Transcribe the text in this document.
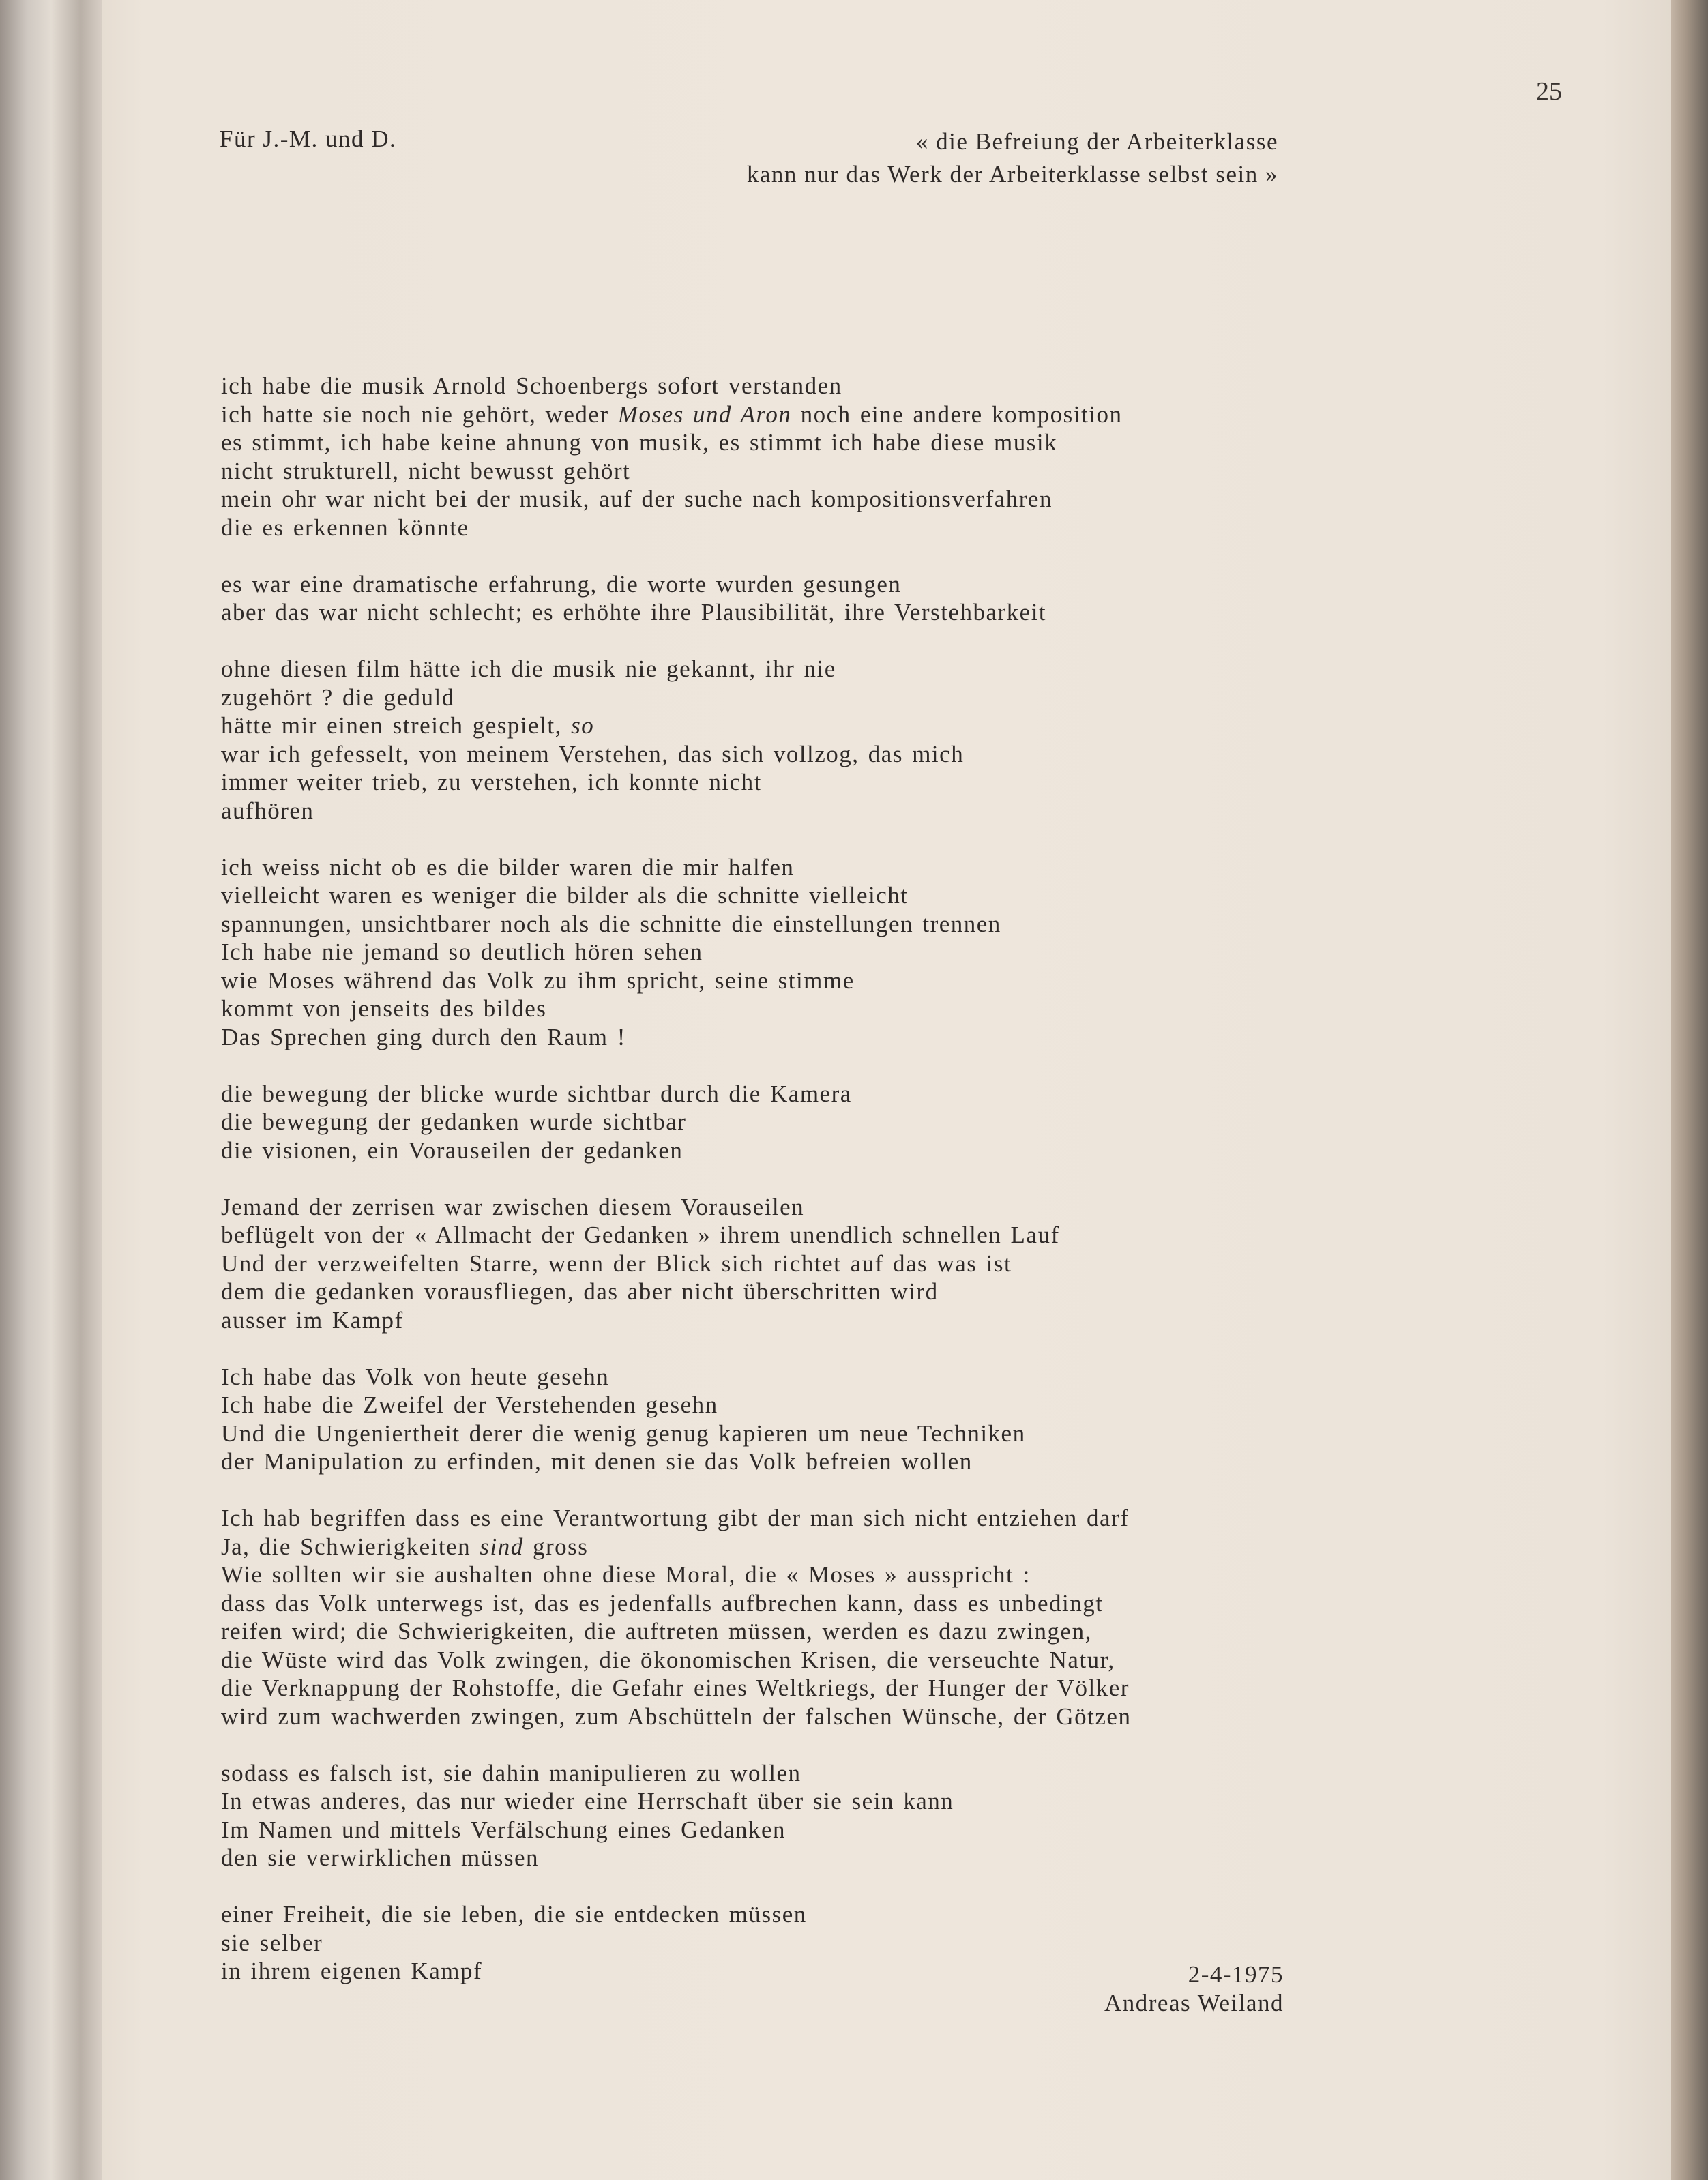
25
Für J.-M. und D.	« die Befreiung der Arbeiterklasse
kann nur das Werk der Arbeiterklasse selbst sein »
ich habe die musik Arnold Schoenbergs sofort verstanden
ich hatte sie noch nie gehört, weder Moses und Aron noch eine andere komposition
es stimmt, ich habe keine ahnung von musik, es stimmt ich habe diese musik
nicht strukturell, nicht bewusst gehört
mein ohr war nicht bei der musik, auf der suche nach kompositionsverfahren
die es erkennen könnte
es war eine dramatische erfahrung, die worte wurden gesungen
aber das war nicht schlecht; es erhöhte ihre Plausibilität, ihre Verstehbarkeit
ohne diesen film hätte ich die musik nie gekannt, ihr nie
zugehört ? die geduld
hätte mir einen streich gespielt, so
war ich gefesselt, von meinem Verstehen, das sich vollzog, das mich
immer weiter trieb, zu verstehen, ich konnte nicht
aufhören
ich weiss nicht ob es die bilder waren die mir halfen
vielleicht waren es weniger die bilder als die schnitte vielleicht
spannungen, unsichtbarer noch als die schnitte die einstellungen trennen
Ich habe nie jemand so deutlich hören sehen
wie Moses während das Volk zu ihm spricht, seine stimme
kommt von jenseits des bildes
Das Sprechen ging durch den Raum !
die bewegung der blicke wurde sichtbar durch die Kamera
die bewegung der gedanken wurde sichtbar
die visionen, ein Vorauseilen der gedanken
Jemand der zerrisen war zwischen diesem Vorauseilen
beflügelt von der « Allmacht der Gedanken » ihrem unendlich schnellen Lauf
Und der verzweifelten Starre, wenn der Blick sich richtet auf das was ist
dem die gedanken vorausfliegen, das aber nicht überschritten wird
ausser im Kampf
Ich habe das Volk von heute gesehn
Ich habe die Zweifel der Verstehenden gesehn
Und die Ungeniertheit derer die wenig genug kapieren um neue Techniken
der Manipulation zu erfinden, mit denen sie das Volk befreien wollen
Ich hab begriffen dass es eine Verantwortung gibt der man sich nicht entziehen darf
Ja, die Schwierigkeiten sind gross
Wie sollten wir sie aushalten ohne diese Moral, die « Moses » ausspricht :
dass das Volk unterwegs ist, das es jedenfalls aufbrechen kann, dass es unbedingt
reifen wird; die Schwierigkeiten, die auftreten müssen, werden es dazu zwingen,
die Wüste wird das Volk zwingen, die ökonomischen Krisen, die verseuchte Natur,
die Verknappung der Rohstoffe, die Gefahr eines Weltkriegs, der Hunger der Völker
wird zum wachwerden zwingen, zum Abschütteln der falschen Wünsche, der Götzen
sodass es falsch ist, sie dahin manipulieren zu wollen
In etwas anderes, das nur wieder eine Herrschaft über sie sein kann
Im Namen und mittels Verfälschung eines Gedanken
den sie verwirklichen müssen
einer Freiheit, die sie leben, die sie entdecken müssen
sie selber
in ihrem eigenen Kampf	2-4-1975
Andreas Weiland
